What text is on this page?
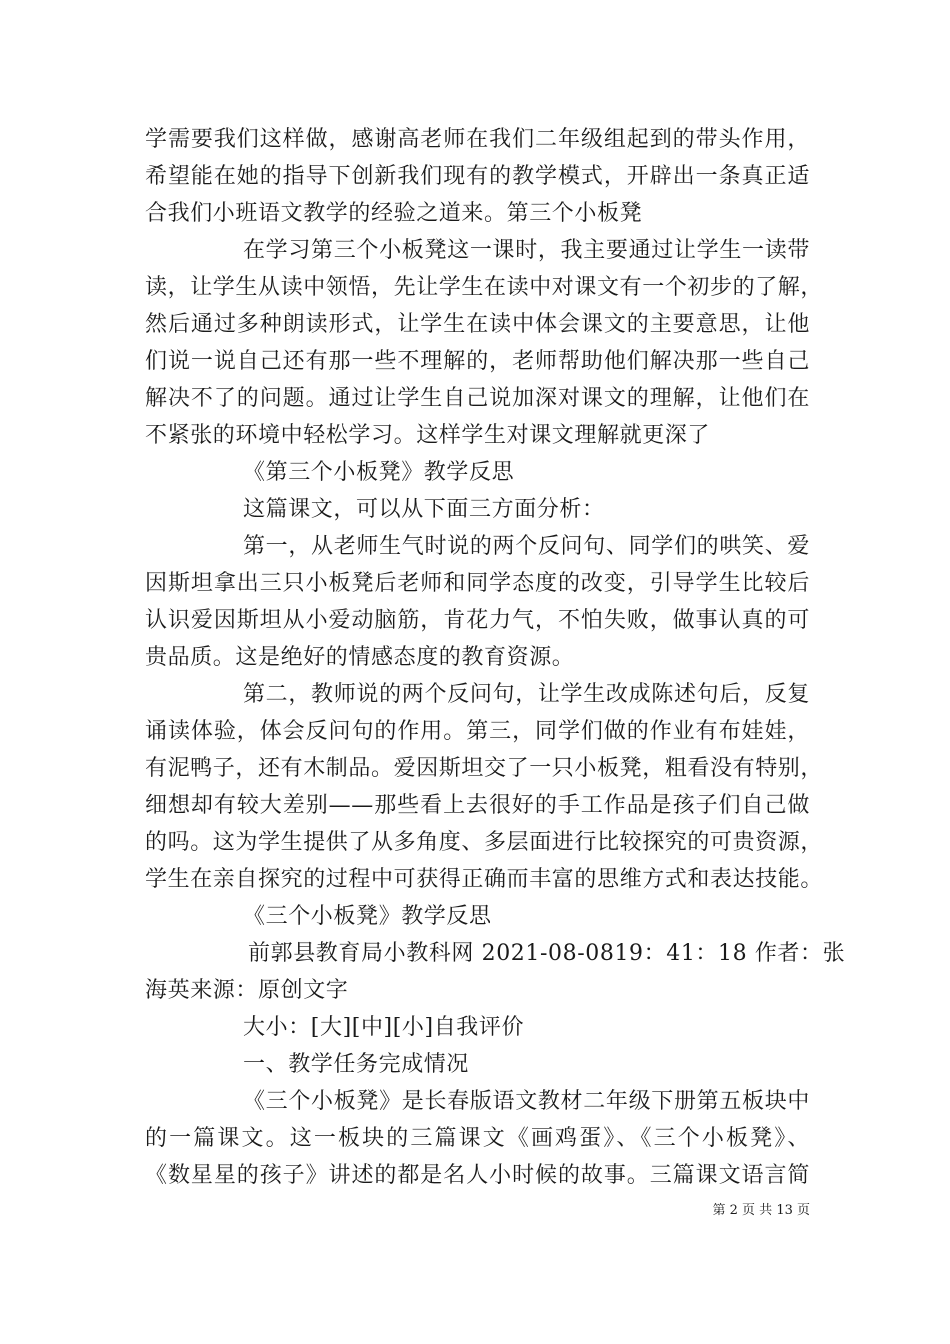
学需要我们这样做，感谢高老师在我们二年级组起到的带头作用，
希望能在她的指导下创新我们现有的教学模式，开辟出一条真正适
合我们小班语文教学的经验之道来。第三个小板凳
在学习第三个小板凳这一课时，我主要通过让学生一读带
读，让学生从读中领悟，先让学生在读中对课文有一个初步的了解，
然后通过多种朗读形式，让学生在读中体会课文的主要意思，让他
们说一说自己还有那一些不理解的，老师帮助他们解决那一些自己
解决不了的问题。通过让学生自己说加深对课文的理解，让他们在
不紧张的环境中轻松学习。这样学生对课文理解就更深了
《第三个小板凳》教学反思
这篇课文，可以从下面三方面分析：
第一，从老师生气时说的两个反问句、同学们的哄笑、爱
因斯坦拿出三只小板凳后老师和同学态度的改变，引导学生比较后
认识爱因斯坦从小爱动脑筋，肯花力气，不怕失败，做事认真的可
贵品质。这是绝好的情感态度的教育资源。
第二，教师说的两个反问句，让学生改成陈述句后，反复
诵读体验，体会反问句的作用。第三，同学们做的作业有布娃娃，
有泥鸭子，还有木制品。爱因斯坦交了一只小板凳，粗看没有特别，
细想却有较大差别——那些看上去很好的手工作品是孩子们自己做
的吗。这为学生提供了从多角度、多层面进行比较探究的可贵资源，
学生在亲自探究的过程中可获得正确而丰富的思维方式和表达技能。
《三个小板凳》教学反思
前郭县教育局小教科网 2021-08-0819：41：18 作者：张
海英来源：原创文字
大小：[大][中][小]自我评价
一、教学任务完成情况
《三个小板凳》是长春版语文教材二年级下册第五板块中
的一篇课文。这一板块的三篇课文《画鸡蛋》、《三个小板凳》、
《数星星的孩子》讲述的都是名人小时候的故事。三篇课文语言简
第 2 页 共 13 页
